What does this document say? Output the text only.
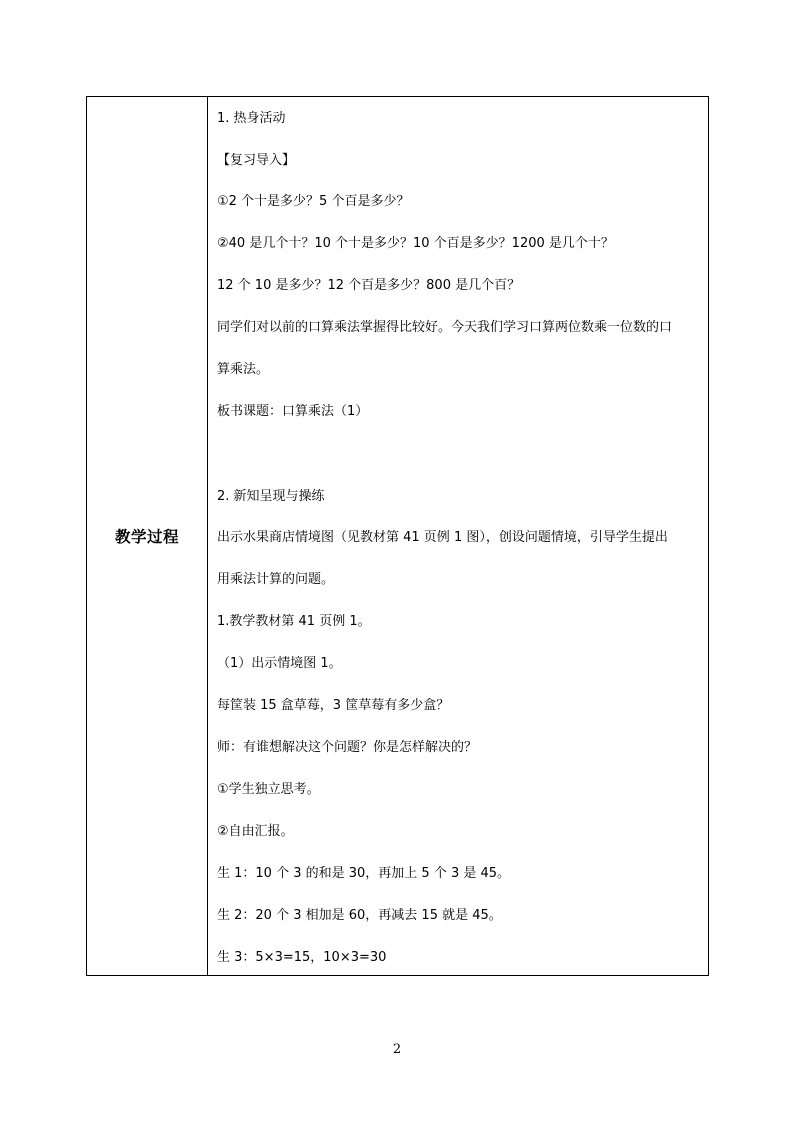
教学过程
1. 热身活动
【复习导入】
①2 个十是多少？5 个百是多少？
②40 是几个十？10 个十是多少？10 个百是多少？1200 是几个十？
12 个 10 是多少？12 个百是多少？800 是几个百？
同学们对以前的口算乘法掌握得比较好。今天我们学习口算两位数乘一位数的口
算乘法。
板书课题：口算乘法（1）
2. 新知呈现与操练
出示水果商店情境图（见教材第 41 页例 1 图），创设问题情境，引导学生提出
用乘法计算的问题。
1.教学教材第 41 页例 1。
（1）出示情境图 1。
每筐装 15 盒草莓，3 筐草莓有多少盒？
师：有谁想解决这个问题？你是怎样解决的？
①学生独立思考。
②自由汇报。
生 1：10 个 3 的和是 30，再加上 5 个 3 是 45。
生 2：20 个 3 相加是 60，再减去 15 就是 45。
生 3：5×3=15，10×3=30
2
